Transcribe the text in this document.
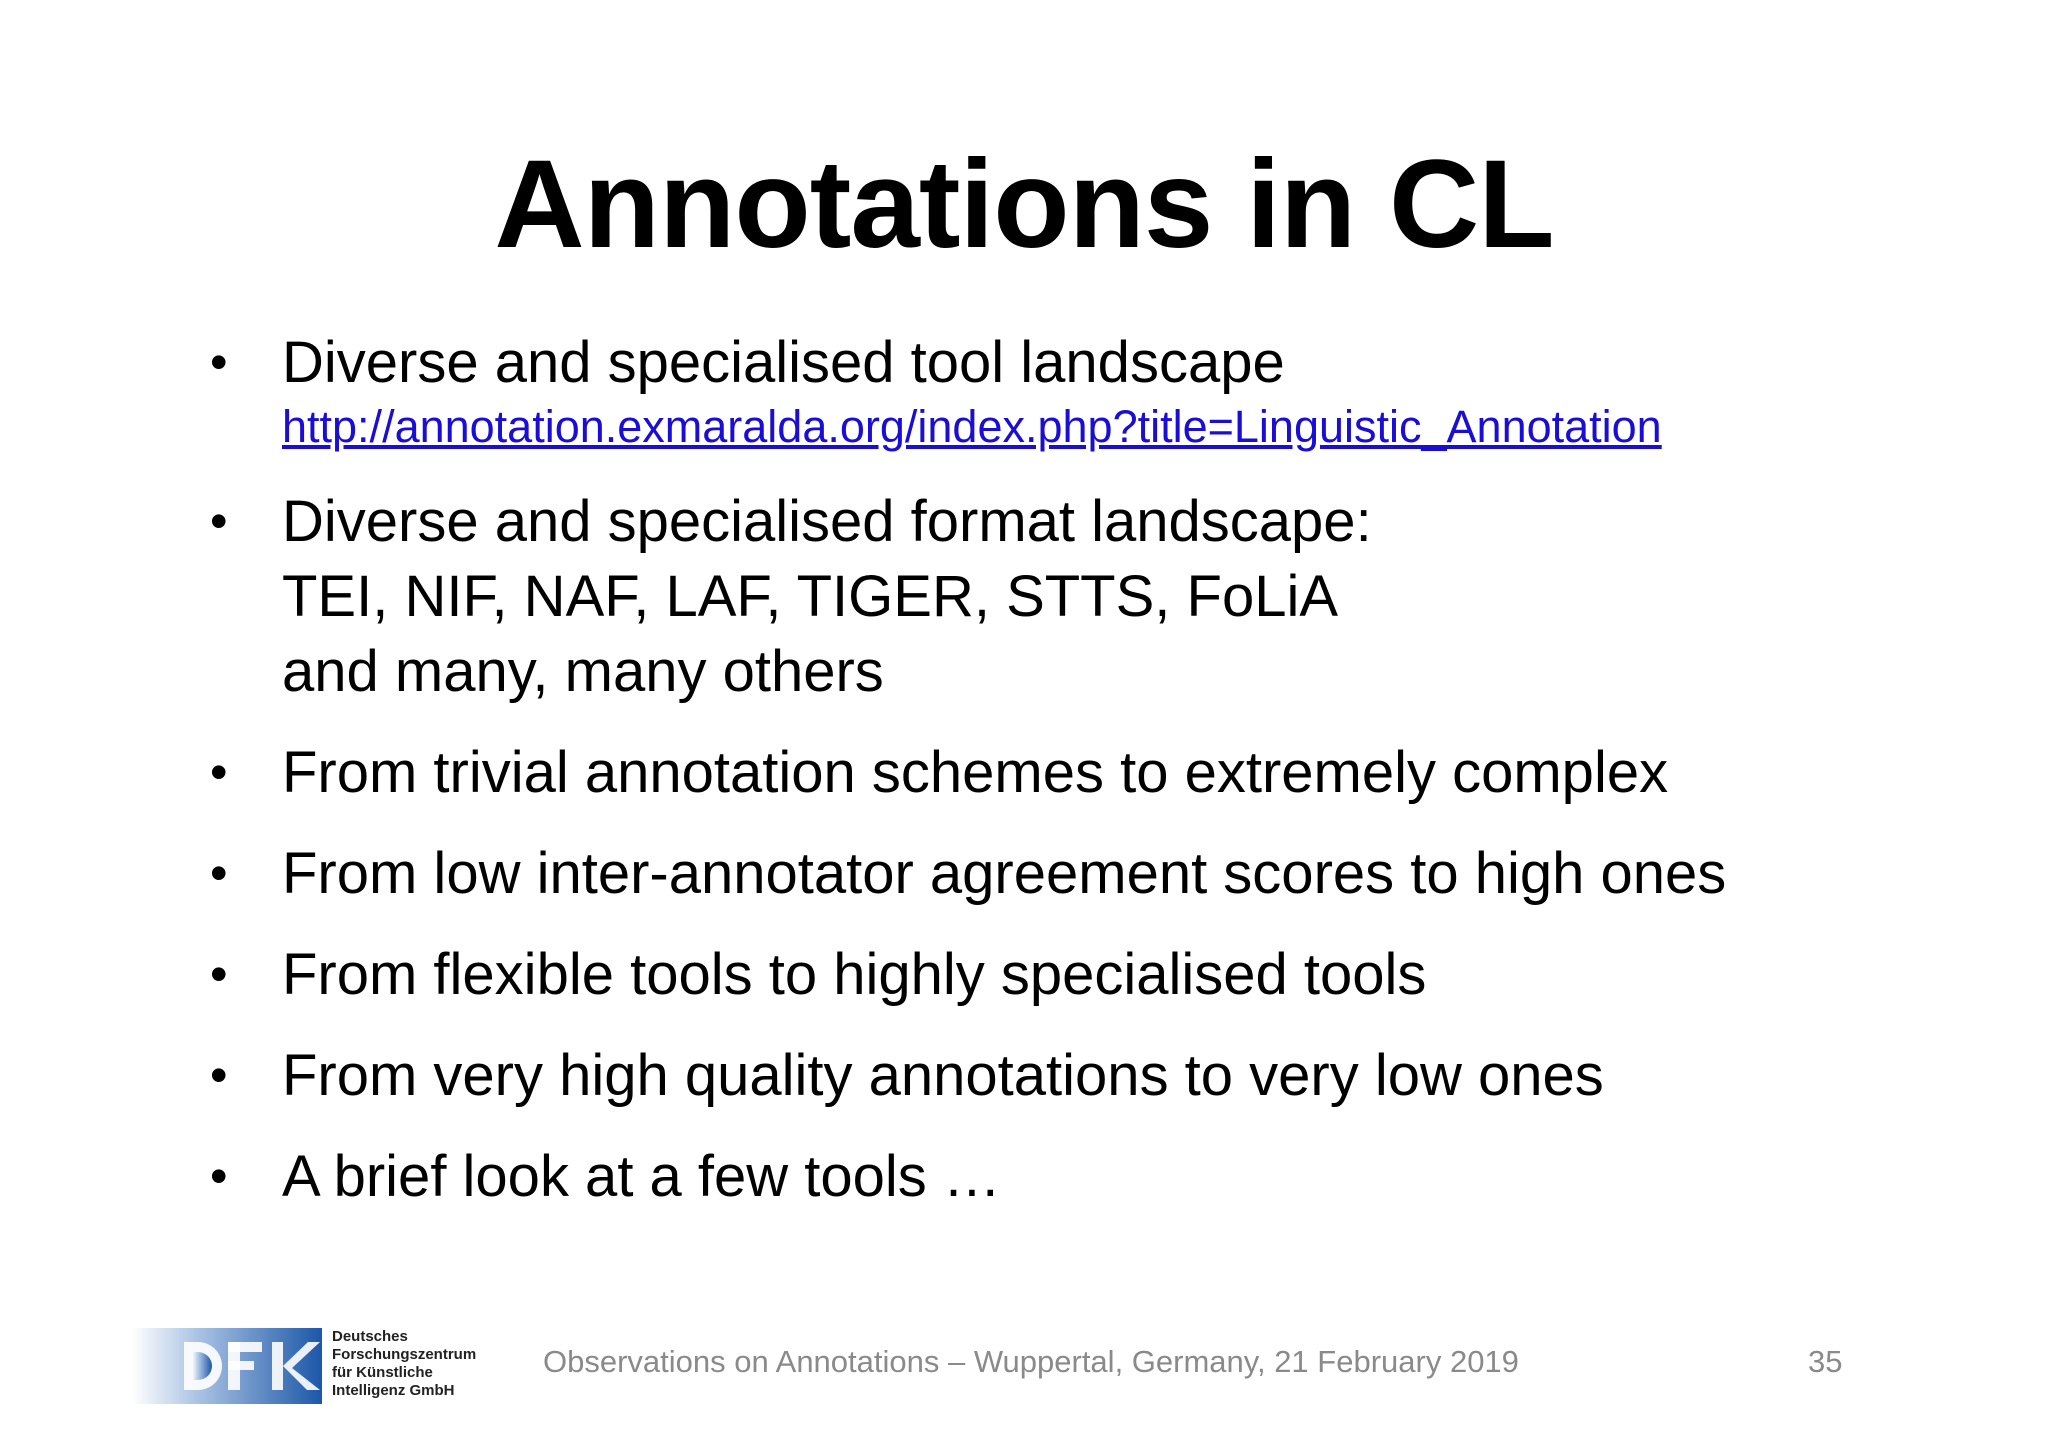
Annotations in CL
• Diverse and specialised tool landscape
http://annotation.exmaralda.org/index.php?title=Linguistic_Annotation
• Diverse and specialised format landscape:
TEI, NIF, NAF, LAF, TIGER, STTS, FoLiA
and many, many others
• From trivial annotation schemes to extremely complex
• From low inter-annotator agreement scores to high ones
• From flexible tools to highly specialised tools
• From very high quality annotations to very low ones
• A brief look at a few tools …
Deutsches
Forschungszentrum
für Künstliche
Intelligenz GmbH
Observations on Annotations – Wuppertal, Germany, 21 February 2019	35
